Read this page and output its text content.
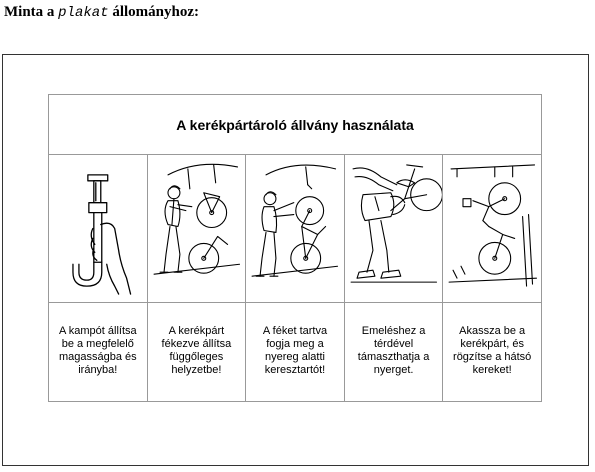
Minta a plakat állományhoz:
A kerékpártároló állvány használata
A kampót állítsa
be a megfelelő
magasságba és
irányba!
A kerékpárt
fékezve állítsa
függőleges
helyzetbe!
A féket tartva
fogja meg a
nyereg alatti
keresztartót!
Emeléshez a
térdével
támaszthatja a
nyerget.
Akassza be a
kerékpárt, és
rögzítse a hátsó
kereket!
